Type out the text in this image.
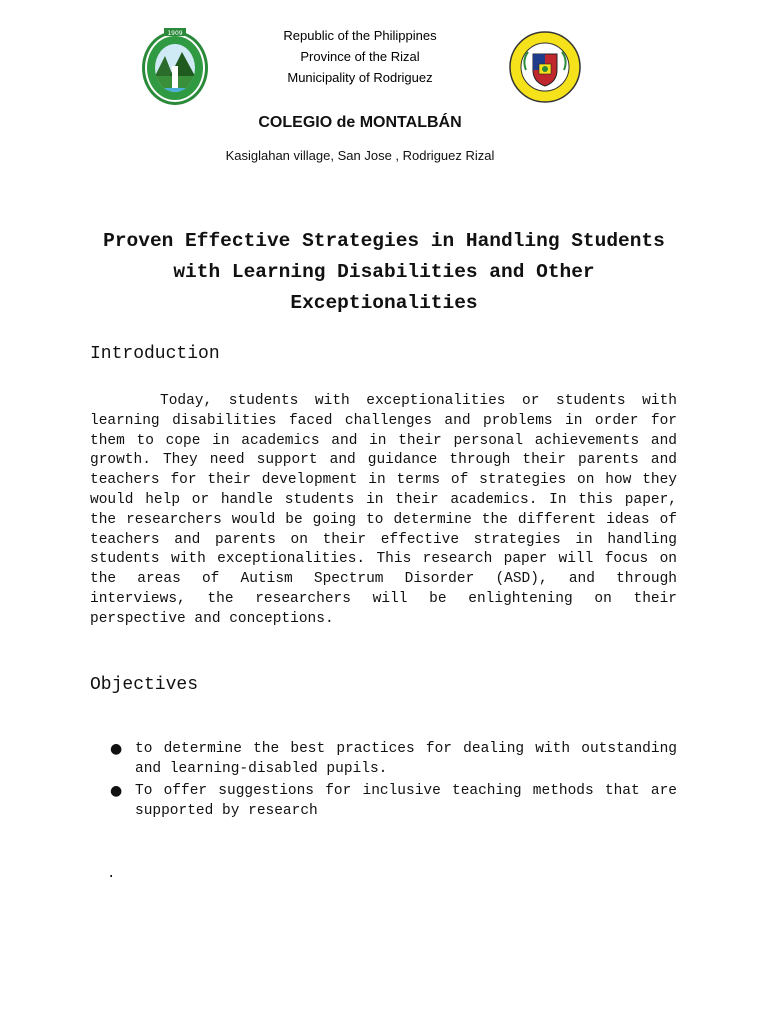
1909	Republic of the Philippines
Province of the Rizal
Municipality of Rodriguez
COLEGIO de MONTALBÁN
Kasiglahan village, San Jose , Rodriguez Rizal
Proven Effective Strategies in Handling Students with Learning Disabilities and Other Exceptionalities
Introduction

Today, students with exceptionalities or students with learning disabilities faced challenges and problems in order for them to cope in academics and in their personal achievements and growth. They need support and guidance through their parents and teachers for their development in terms of strategies on how they would help or handle students in their academics. In this paper, the researchers would be going to determine the different ideas of teachers and parents on their effective strategies in handling students with exceptionalities. This research paper will focus on the areas of Autism Spectrum Disorder (ASD), and through interviews, the researchers will be enlightening on their perspective and conceptions.

Objectives
● to determine the best practices for dealing with outstanding and learning-disabled pupils.
● To offer suggestions for inclusive teaching methods that are supported by research
.
